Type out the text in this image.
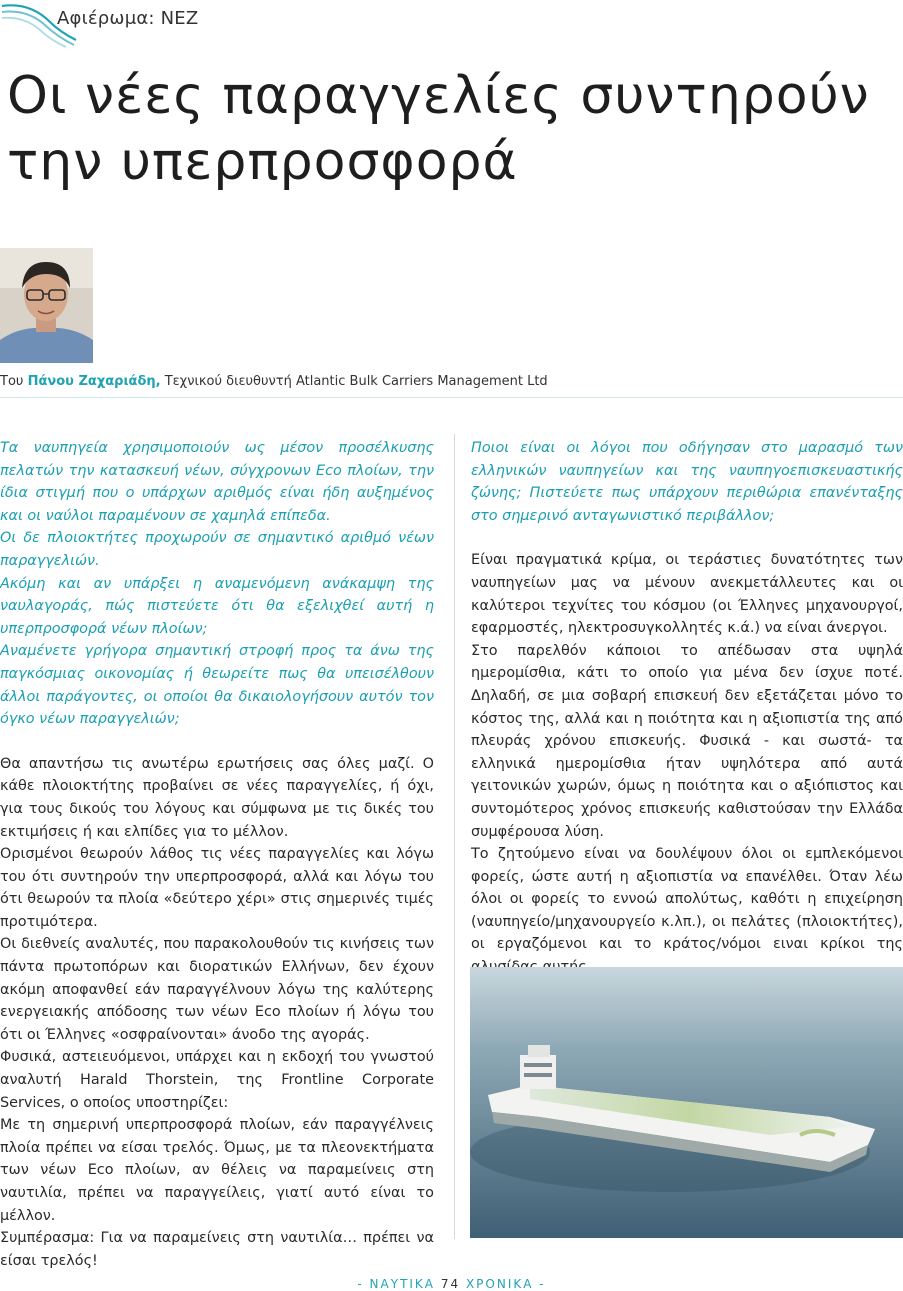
Αφιέρωμα: ΝΕΖ
Οι νέες παραγγελίες συντηρούν
την υπερπροσφορά
Του Πάνου Ζαχαριάδη, Τεχνικού διευθυντή Atlantic Bulk Carriers Management Ltd

Τα ναυπηγεία χρησιμοποιούν ως μέσον προσέλκυσης πελατών την κατασκευή νέων, σύγχρονων Eco πλοίων, την ίδια στιγμή που ο υπάρχων αριθμός είναι ήδη αυξημένος και οι ναύλοι παραμένουν σε χαμηλά επίπεδα.

Οι δε πλοιοκτήτες προχωρούν σε σημαντικό αριθμό νέων παραγγελιών.

Ακόμη και αν υπάρξει η αναμενόμενη ανάκαμψη της ναυλαγοράς, πώς πιστεύετε ότι θα εξελιχθεί αυτή η υπερπροσφορά νέων πλοίων;

Αναμένετε γρήγορα σημαντική στροφή προς τα άνω της παγκόσμιας οικονομίας ή θεωρείτε πως θα υπεισέλθουν άλλοι παράγοντες, οι οποίοι θα δικαιολογήσουν αυτόν τον όγκο νέων παραγγελιών;

Θα απαντήσω τις ανωτέρω ερωτήσεις σας όλες μαζί. Ο κάθε πλοιοκτήτης προβαίνει σε νέες παραγγελίες, ή όχι, για τους δικούς του λόγους και σύμφωνα με τις δικές του εκτιμήσεις ή και ελπίδες για το μέλλον.

Ορισμένοι θεωρούν λάθος τις νέες παραγγελίες και λόγω του ότι συντηρούν την υπερπροσφορά, αλλά και λόγω του ότι θεωρούν τα πλοία «δεύτερο χέρι» στις σημερινές τιμές προτιμότερα.

Οι διεθνείς αναλυτές, που παρακολουθούν τις κινήσεις των πάντα πρωτοπόρων και διορατικών Ελλήνων, δεν έχουν ακόμη αποφανθεί εάν παραγγέλνουν λόγω της καλύτερης ενεργειακής απόδοσης των νέων Eco πλοίων ή λόγω του ότι οι Έλληνες «οσφραίνονται» άνοδο της αγοράς.

Φυσικά, αστειευόμενοι, υπάρχει και η εκδοχή του γνωστού αναλυτή Harald Thorstein, της Frontline Corporate Services, ο οποίος υποστηρίζει:

Με τη σημερινή υπερπροσφορά πλοίων, εάν παραγγέλνεις πλοία πρέπει να είσαι τρελός. Όμως, με τα πλεονεκτήματα των νέων Eco πλοίων, αν θέλεις να παραμείνεις στη ναυτιλία, πρέπει να παραγγείλεις, γιατί αυτό είναι το μέλλον.

Συμπέρασμα: Για να παραμείνεις στη ναυτιλία… πρέπει να είσαι τρελός!

Ποιοι είναι οι λόγοι που οδήγησαν στο μαρασμό των ελληνικών ναυπηγείων και της ναυπηγοεπισκευαστικής ζώνης; Πιστεύετε πως υπάρχουν περιθώρια επανένταξης στο σημερινό ανταγωνιστικό περιβάλλον;

Είναι πραγματικά κρίμα, οι τεράστιες δυνατότητες των ναυπηγείων μας να μένουν ανεκμετάλλευτες και οι καλύτεροι τεχνίτες του κόσμου (οι Έλληνες μηχανουργοί, εφαρμοστές, ηλεκτροσυγκολλητές κ.ά.) να είναι άνεργοι.

Στο παρελθόν κάποιοι το απέδωσαν στα υψηλά ημερομίσθια, κάτι το οποίο για μένα δεν ίσχυε ποτέ. Δηλαδή, σε μια σοβαρή επισκευή δεν εξετάζεται μόνο το κόστος της, αλλά και η ποιότητα και η αξιοπιστία της από πλευράς χρόνου επισκευής. Φυσικά - και σωστά- τα ελληνικά ημερομίσθια ήταν υψηλότερα από αυτά γειτονικών χωρών, όμως η ποιότητα και ο αξιόπιστος και συντομότερος χρόνος επισκευής καθιστούσαν την Ελλάδα συμφέρουσα λύση.

Το ζητούμενο είναι να δουλέψουν όλοι οι εμπλεκόμενοι φορείς, ώστε αυτή η αξιοπιστία να επανέλθει. Όταν λέω όλοι οι φορείς το εννοώ απολύτως, καθότι η επιχείρηση (ναυπηγείο/μηχανουργείο κ.λπ.), οι πελάτες (πλοιοκτήτες), οι εργαζόμενοι και το κράτος/νόμοι ειναι κρίκοι της

- ΝΑΥΤΙΚΑ 74 ΧΡΟΝΙΚΑ -
